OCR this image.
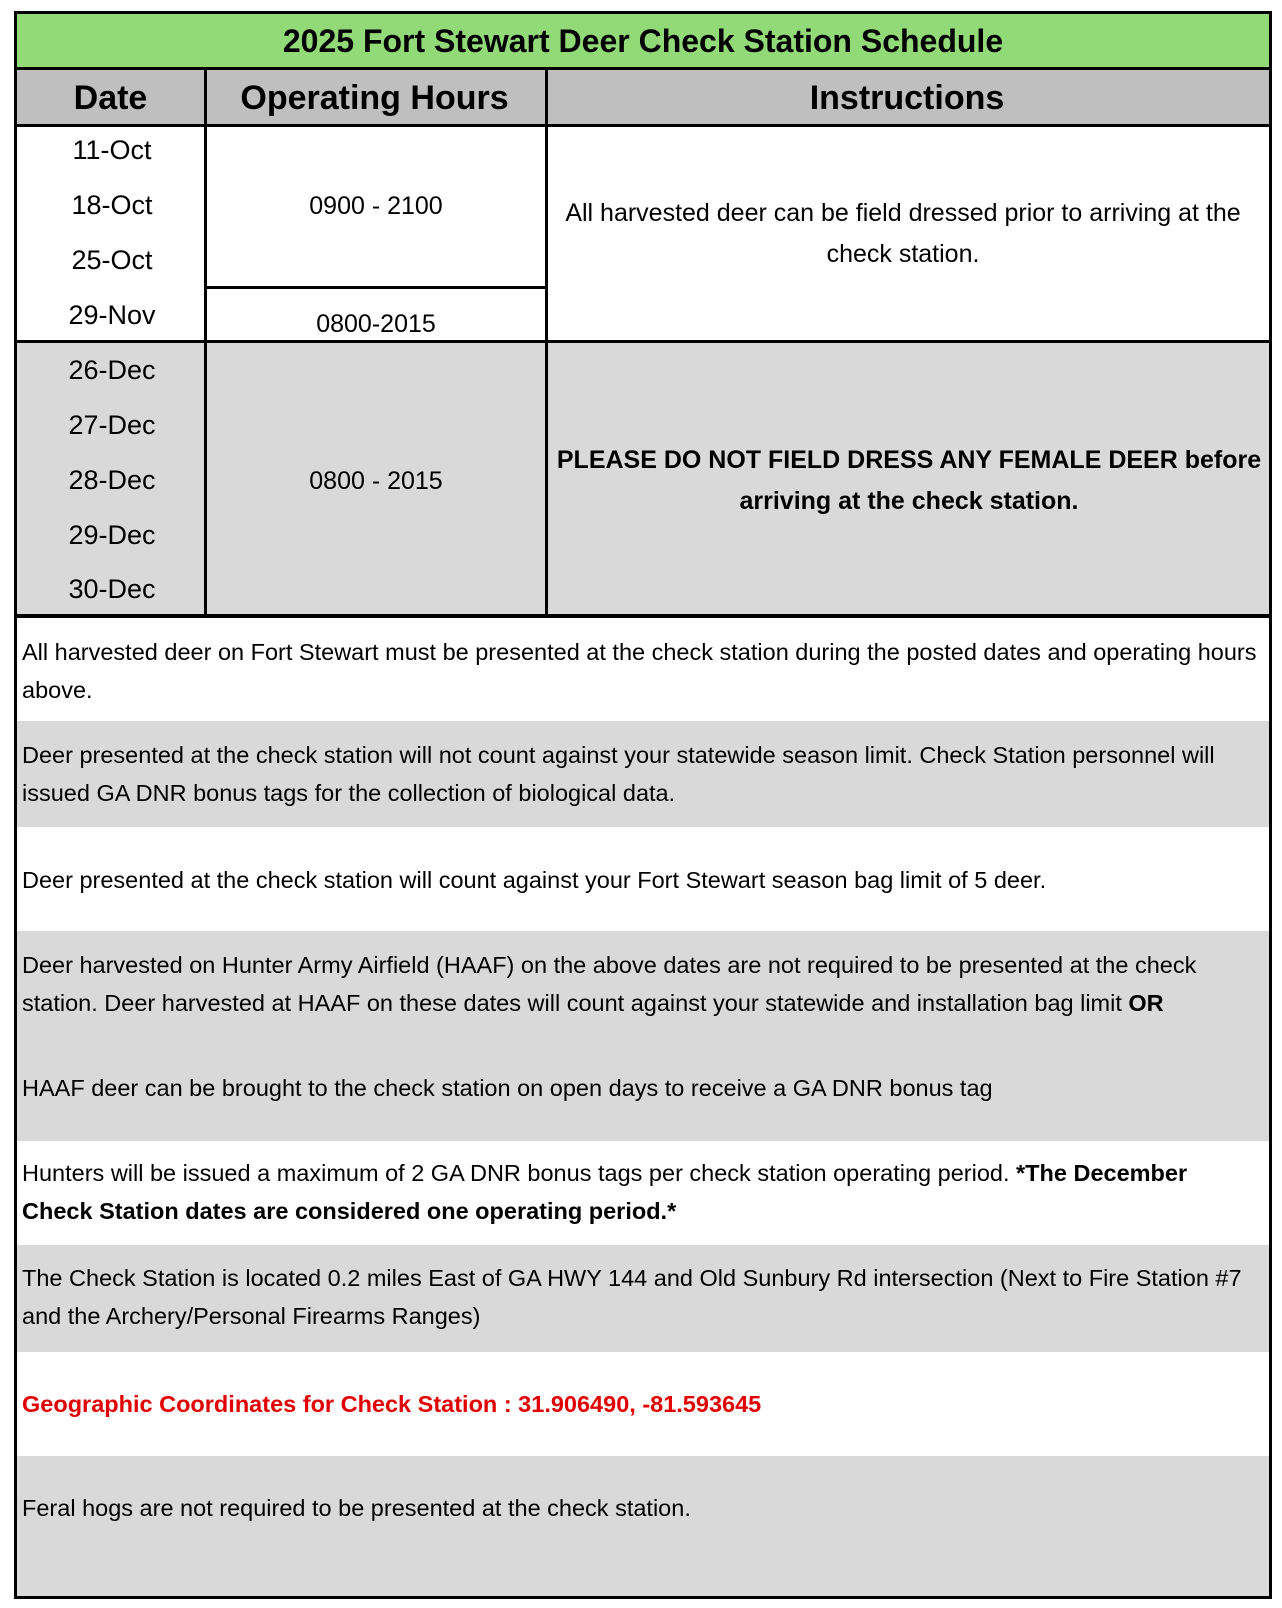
2025 Fort Stewart Deer Check Station Schedule
Date	Operating Hours	Instructions
11-Oct
18-Oct
25-Oct
29-Nov
0900 - 2100
0800-2015
All harvested deer can be field dressed prior to arriving at the check station.
26-Dec
27-Dec
28-Dec
29-Dec
30-Dec
0800 - 2015
PLEASE DO NOT FIELD DRESS ANY FEMALE DEER before arriving at the check station.
All harvested deer on Fort Stewart must be presented at the check station during the posted dates and operating hours above.
Deer presented at the check station will not count against your statewide season limit. Check Station personnel will issued GA DNR bonus tags for the collection of biological data.
Deer presented at the check station will count against your Fort Stewart season bag limit of 5 deer.
Deer harvested on Hunter Army Airfield (HAAF) on the above dates are not required to be presented at the check station. Deer harvested at HAAF on these dates will count against your statewide and installation bag limit OR
HAAF deer can be brought to the check station on open days to receive a GA DNR bonus tag
Hunters will be issued a maximum of 2 GA DNR bonus tags per check station operating period. *The December Check Station dates are considered one operating period.*
The Check Station is located 0.2 miles East of GA HWY 144 and Old Sunbury Rd intersection (Next to Fire Station #7 and the Archery/Personal Firearms Ranges)
Geographic Coordinates for Check Station : 31.906490, -81.593645
Feral hogs are not required to be presented at the check station.
